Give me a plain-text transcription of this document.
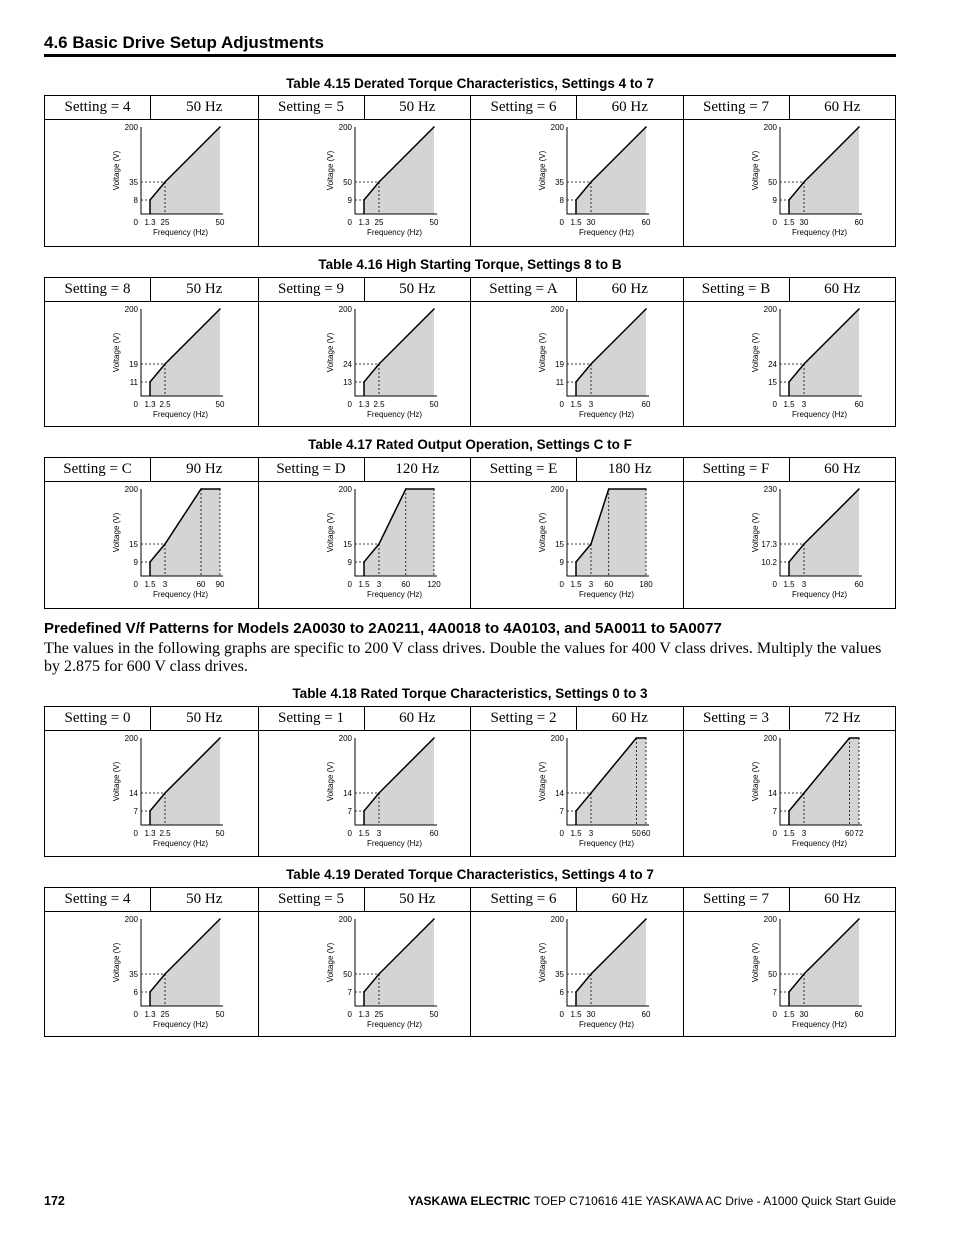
4.6 Basic Drive Setup Adjustments
Table 4.15 Derated Torque Characteristics, Settings 4 to 7
Setting = 4	50 Hz	Setting = 5	50 Hz	Setting = 6	60 Hz	Setting = 7	60 Hz
200
35
8
0 1.3 25	50
Frequency (Hz)
Voltage (V)
200
50
9
0 1.3 25	50
Frequency (Hz)
Voltage (V)
200
35
8
0 1.5 30	60
Frequency (Hz)
Voltage (V)
200
50
9
0 1.5 30	60
Frequency (Hz)
Voltage (V)
Table 4.16 High Starting Torque, Settings 8 to B
Setting = 8	50 Hz	Setting = 9	50 Hz	Setting = A	60 Hz	Setting = B	60 Hz
200
19
11
0 1.3 2.5	50
Frequency (Hz)
Voltage (V)
200
24
13
0 1.3 2.5	50
Frequency (Hz)
Voltage (V)
200
19
11
0 1.5 3	60
Frequency (Hz)
Voltage (V)
200
24
15
0 1.5 3	60
Frequency (Hz)
Voltage (V)
Table 4.17 Rated Output Operation, Settings C to F
Setting = C	90 Hz	Setting = D	120 Hz	Setting = E	180 Hz	Setting = F	60 Hz
200
15
9
0 1.5 3	60 90
Frequency (Hz)
Voltage (V)
200
15
9
0 1.5 3	60 120
Frequency (Hz)
Voltage (V)
200
15
9
0 1.5 3 60	180
Frequency (Hz)
Voltage (V)
230
17.3
10.2
0 1.5 3	60
Frequency (Hz)
Voltage (V)
Table 4.18 Rated Torque Characteristics, Settings 0 to 3
Setting = 0	50 Hz	Setting = 1	60 Hz	Setting = 2	60 Hz	Setting = 3	72 Hz
200
14
7
0 1.3 2.5	50
Frequency (Hz)
Voltage (V)
200
14
7
0 1.5 3	60
Frequency (Hz)
Voltage (V)
200
14
7
0 1.5 3	50 60
Frequency (Hz)
Voltage (V)
200
14
7
0 1.5 3	60 72
Frequency (Hz)
Voltage (V)
Table 4.19 Derated Torque Characteristics, Settings 4 to 7
Setting = 4	50 Hz	Setting = 5	50 Hz	Setting = 6	60 Hz	Setting = 7	60 Hz
200
35
6
0 1.3 25	50
Frequency (Hz)
Voltage (V)
200
50
7
0 1.3 25	50
Frequency (Hz)
Voltage (V)
200
35
6
0 1.5 30	60
Frequency (Hz)
Voltage (V)
200
50
7
0 1.5 30	60
Frequency (Hz)
Voltage (V)
Predefined V/f Patterns for Models 2A0030 to 2A0211, 4A0018 to 4A0103, and 5A0011 to 5A0077
The values in the following graphs are specific to 200 V class drives. Double the values for 400 V class drives. Multiply the values by 2.875 for 600 V class drives.
172	YASKAWA ELECTRIC TOEP C710616 41E YASKAWA AC Drive - A1000 Quick Start Guide
